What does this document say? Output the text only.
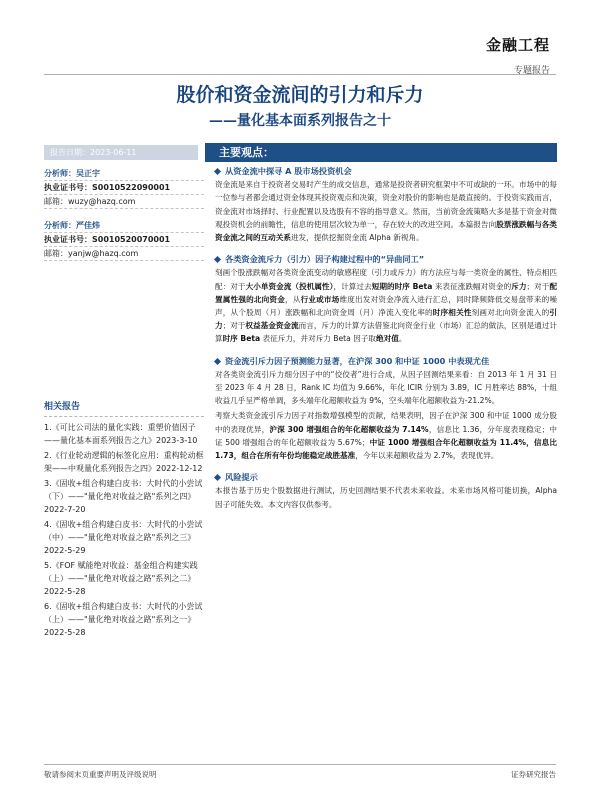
金融工程
专题报告
股价和资金流间的引力和斥力
——量化基本面系列报告之十
报告日期：2023-06-11	主要观点：
分析师：吴正宇
执业证书号：S0010522090001
邮箱：wuzy@hazq.com
分析师：严佳炜
执业证书号：S0010520070001
邮箱：yanjw@hazq.com
相关报告
1.《可比公司法的量化实践：重塑价值因子——量化基本面系列报告之九》2023-3-10
2.《行业轮动逻辑的标签化应用：重构轮动框架——中观量化系列报告之四》2022-12-12
3.《固收+组合构建白皮书：大时代的小尝试（下）——"量化绝对收益之路"系列之四》2022-7-20
4.《固收+组合构建白皮书：大时代的小尝试（中）——"量化绝对收益之路"系列之三》2022-5-29
5.《FOF 赋能绝对收益：基金组合构建实践（上）——"量化绝对收益之路"系列之二》2022-5-28
6.《固收+组合构建白皮书：大时代的小尝试（上）——"量化绝对收益之路"系列之一》2022-5-28
从资金流中探寻 A 股市场投资机会
资金流是来自于投资者交易时产生的成交信息，通常是投资者研究框架中不可或缺的一环。市场中的每一位参与者都会通过资金体现其投资观点和决策，资金对股价的影响也是最直接的。于投资实践而言，资金流对市场择时、行业配置以及选股有不容的指导意义。然而，当前资金流策略大多是基于资金对微观投资机会的前瞻性，信息的使用层次较为单一，存在较大的改进空间。本篇报告向股票涨跌幅与各类资金流之间的互动关系进发，提供挖掘资金流 Alpha 新视角。
各类资金流斥力（引力）因子构建过程中的“异曲同工”
刻画个股涨跌幅对各类资金流变动的敏感程度（引力或斥力）的方法应与每一类资金的属性、特点相匹配：对于大小单资金流（投机属性），计算过去短期的时序 Beta 来表征涨跌幅对资金的斥力；对于配置属性强的北向资金，从行业或市场维度出发对资金净流入进行汇总，同时降频降低交易盘带来的噪声，从个股周（月）涨跌幅和北向资金周（月）净流入变化率的时序相关性刻画对北向资金流入的引力；对于权益基金资金流而言，斥力的计算方法借鉴北向资金行业（市场）汇总的做法，区别是通过计算时序 Beta 表征斥力，并对斥力 Beta 因子取绝对值。
资金流引斥力因子预测能力显著，在沪深 300 和中证 1000 中表现尤佳
对各类资金流引斥力细分因子中的“佼佼者”进行合成，从因子回测结果来看：自 2013 年 1 月 31 日至 2023 年 4 月 28 日，Rank IC 均值为 9.66%，年化 ICIR 分别为 3.89，IC 月胜率达 88%，十组收益几乎呈严格单调，多头端年化超额收益为 9%，空头端年化超额收益为-21.2%。
考察大类资金流引斥力因子对指数增强模型的贡献，结果表明，因子在沪深 300 和中证 1000 成分股中的表现优异，沪深 300 增强组合的年化超额收益为 7.14%，信息比 1.36，分年度表现稳定；中证 500 增强组合的年化超额收益为 5.67%；中证 1000 增强组合年化超额收益为 11.4%，信息比 1.73，组合在所有年份均能稳定战胜基准，今年以来超额收益为 2.7%，表现优异。
风险提示
本报告基于历史个股数据进行测试，历史回测结果不代表未来收益。未来市场风格可能切换，Alpha 因子可能失效。本文内容仅供参考。
敬请参阅末页重要声明及评级说明	证券研究报告
